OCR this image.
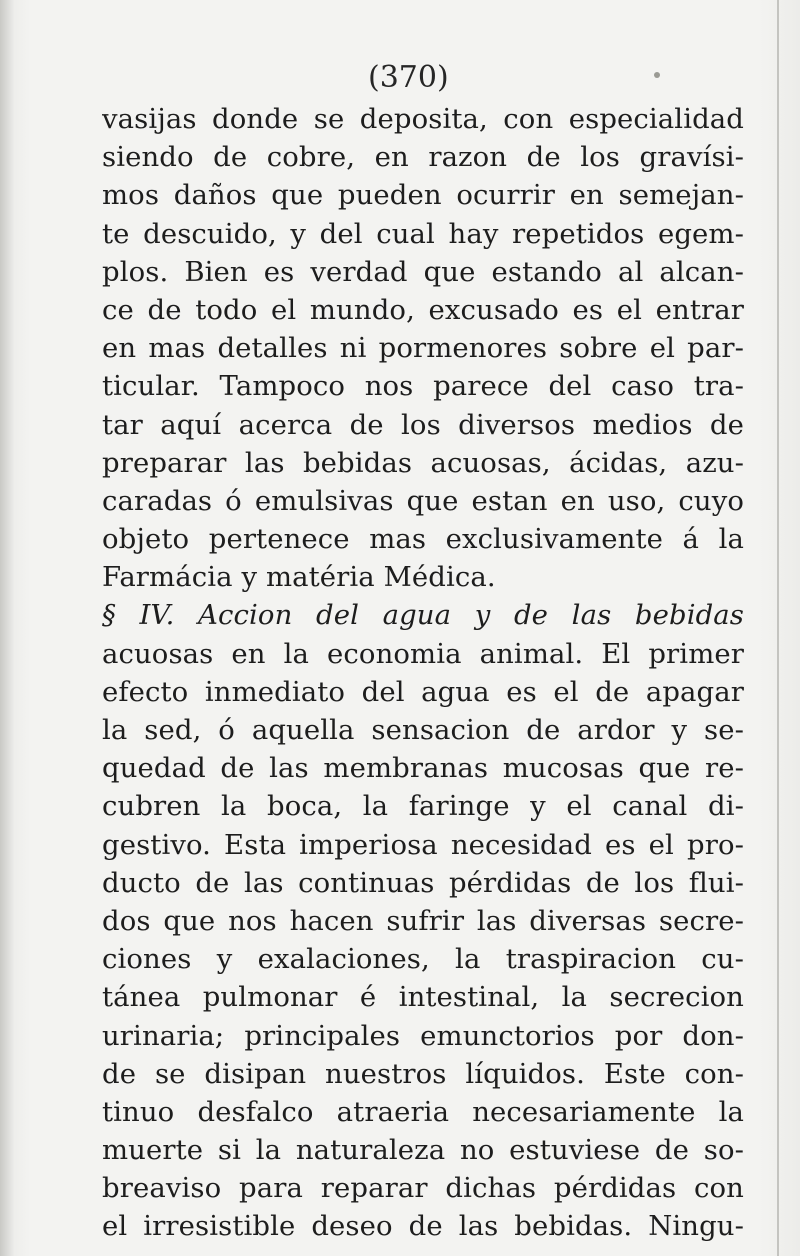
(370)
vasijas donde se deposita, con especialidad
siendo de cobre, en razon de los gravísi-
mos daños que pueden ocurrir en semejan-
te descuido, y del cual hay repetidos egem-
plos. Bien es verdad que estando al alcan-
ce de todo el mundo, excusado es el entrar
en mas detalles ni pormenores sobre el par-
ticular. Tampoco nos parece del caso tra-
tar aquí acerca de los diversos medios de
preparar las bebidas acuosas, ácidas, azu-
caradas ó emulsivas que estan en uso, cuyo
objeto pertenece mas exclusivamente á la
Farmácia y matéria Médica.
§ IV. Accion del agua y de las bebidas
acuosas en la economia animal. El primer
efecto inmediato del agua es el de apagar
la sed, ó aquella sensacion de ardor y se-
quedad de las membranas mucosas que re-
cubren la boca, la faringe y el canal di-
gestivo. Esta imperiosa necesidad es el pro-
ducto de las continuas pérdidas de los flui-
dos que nos hacen sufrir las diversas secre-
ciones y exalaciones, la traspiracion cu-
tánea pulmonar é intestinal, la secrecion
urinaria; principales emunctorios por don-
de se disipan nuestros líquidos. Este con-
tinuo desfalco atraeria necesariamente la
muerte si la naturaleza no estuviese de so-
breaviso para reparar dichas pérdidas con
el irresistible deseo de las bebidas. Ningu-
